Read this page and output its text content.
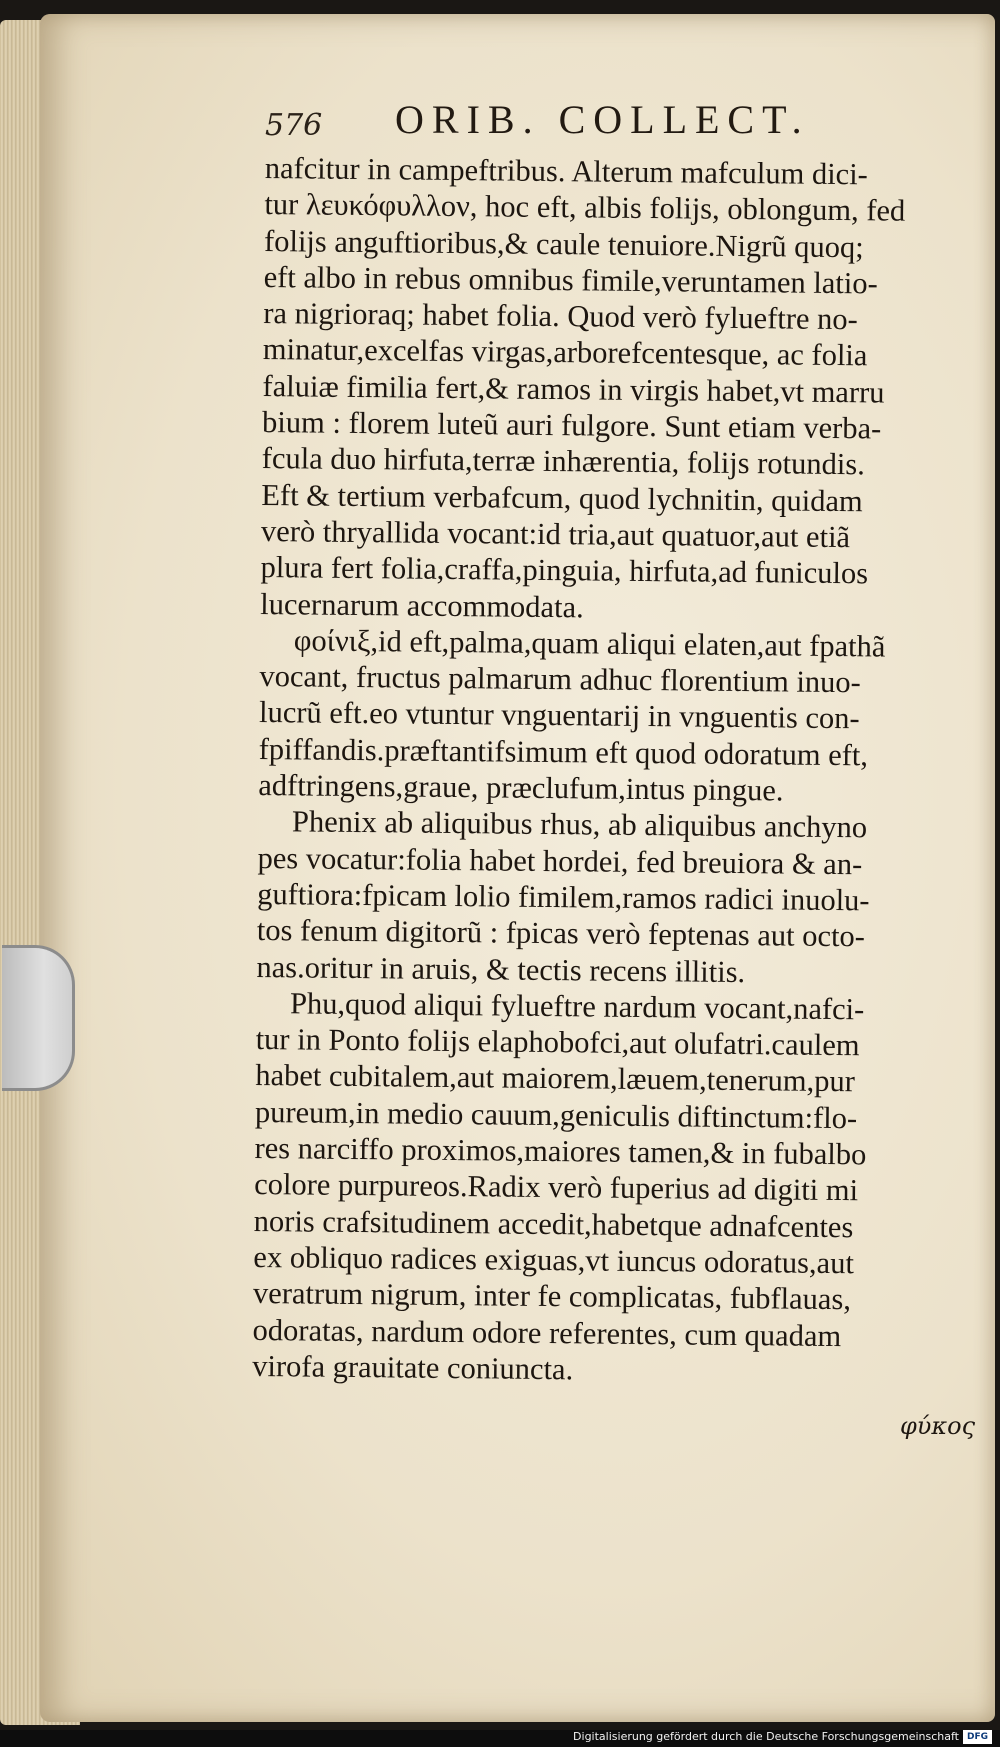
576 ORIB. COLLECT.
nafcitur in campeftribus. Alterum mafculum dici-
tur λευκόφυλλον, hoc eft, albis folijs, oblongum, fed
folijs anguftioribus,& caule tenuiore.Nigrũ quoq;
eft albo in rebus omnibus fimile,veruntamen latio-
ra nigrioraq; habet folia. Quod verò fylueftre no-
minatur,excelfas virgas,arborefcentesque, ac folia
faluiæ fimilia fert,& ramos in virgis habet,vt marru
bium : florem luteũ auri fulgore. Sunt etiam verba-
fcula duo hirfuta,terræ inhærentia, folijs rotundis.
Eft & tertium verbafcum, quod lychnitin, quidam
verò thryallida vocant:id tria,aut quatuor,aut etiã
plura fert folia,craffa,pinguia, hirfuta,ad funiculos
lucernarum accommodata.
φοίνιξ,id eft,palma,quam aliqui elaten,aut fpathã
vocant, fructus palmarum adhuc florentium inuo-
lucrũ eft.eo vtuntur vnguentarij in vnguentis con-
fpiffandis.præftantifsimum eft quod odoratum eft,
adftringens,graue, præclufum,intus pingue.
Phenix ab aliquibus rhus, ab aliquibus anchyno
pes vocatur:folia habet hordei, fed breuiora & an-
guftiora:fpicam lolio fimilem,ramos radici inuolu-
tos fenum digitorũ : fpicas verò feptenas aut octo-
nas.oritur in aruis, & tectis recens illitis.
Phu,quod aliqui fylueftre nardum vocant,nafci-
tur in Ponto folijs elaphobofci,aut olufatri.caulem
habet cubitalem,aut maiorem,læuem,tenerum,pur
pureum,in medio cauum,geniculis diftinctum:flo-
res narciffo proximos,maiores tamen,& in fubalbo
colore purpureos.Radix verò fuperius ad digiti mi
noris crafsitudinem accedit,habetque adnafcentes
ex obliquo radices exiguas,vt iuncus odoratus,aut
veratrum nigrum, inter fe complicatas, fubflauas,
odoratas, nardum odore referentes, cum quadam
virofa grauitate coniuncta.
φύκος
Digitalisierung gefördert durch die Deutsche Forschungsgemeinschaft DFG
